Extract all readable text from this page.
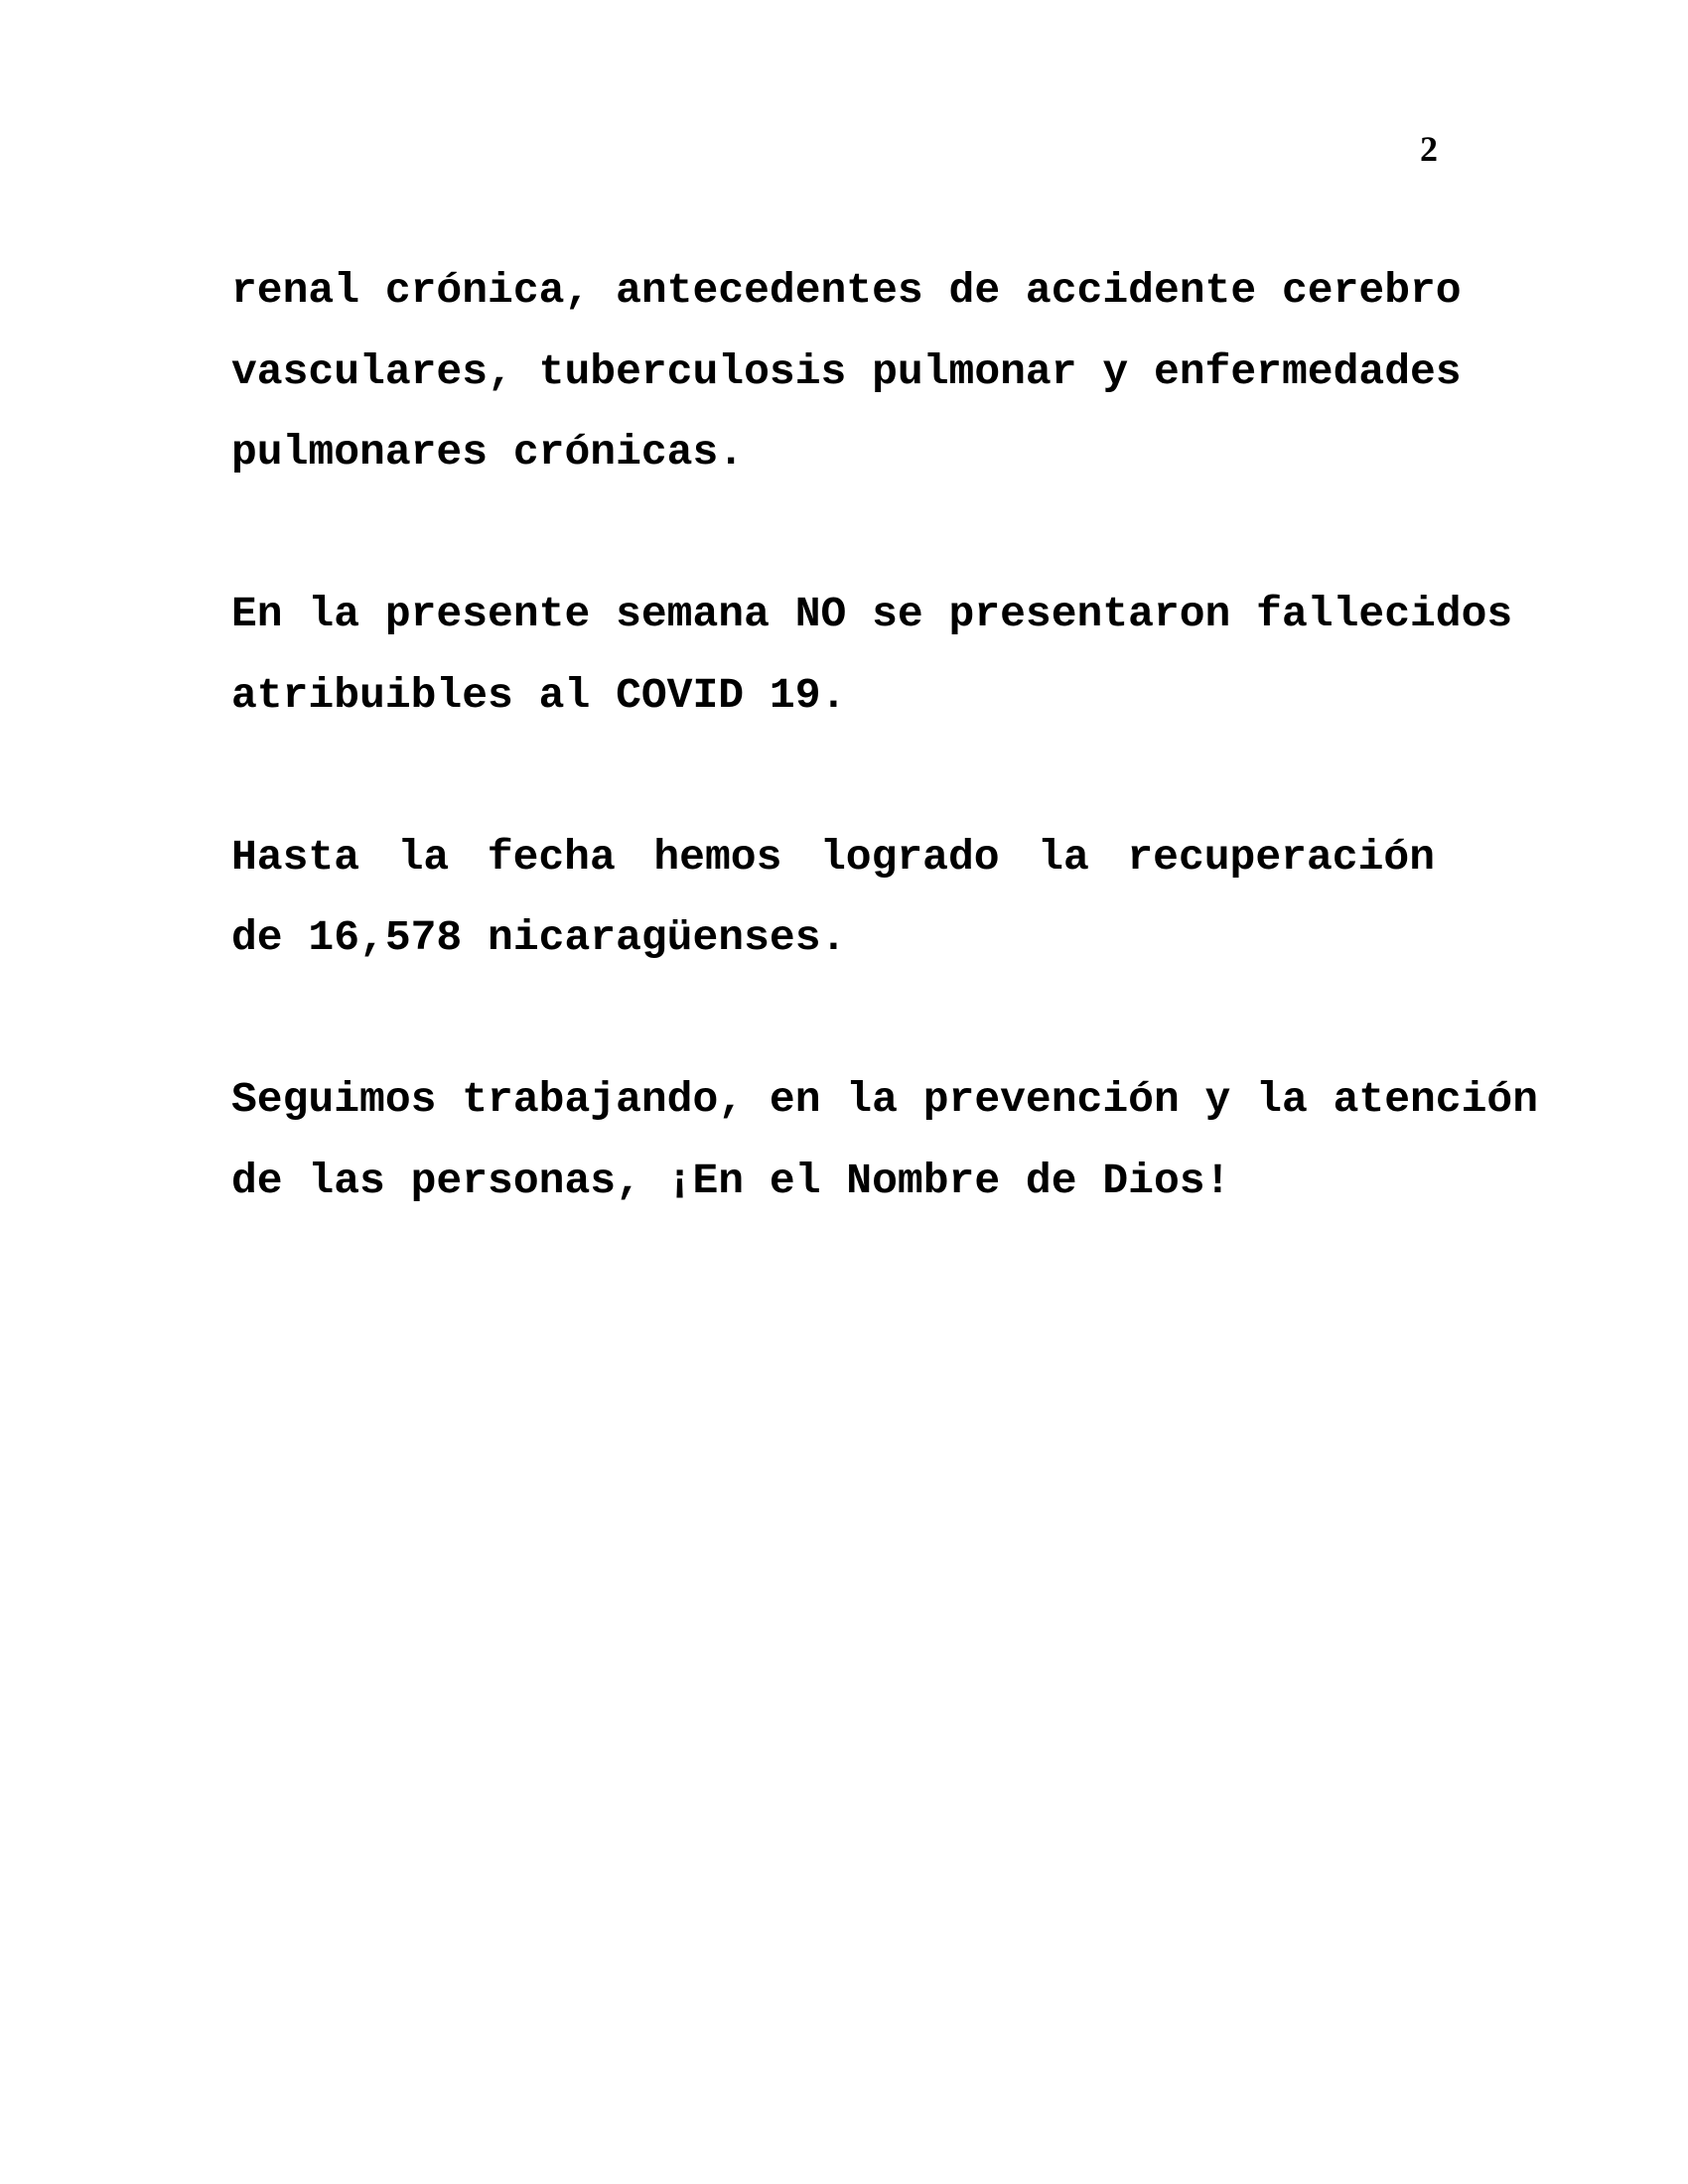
2
renal crónica, antecedentes de accidente cerebro
vasculares, tuberculosis pulmonar y enfermedades
pulmonares crónicas.
En la presente semana NO se presentaron fallecidos
atribuibles al COVID 19.
Hasta la fecha hemos logrado la recuperación
de 16,578 nicaragüenses.
Seguimos trabajando, en la prevención y la atención
de las personas, ¡En el Nombre de Dios!
